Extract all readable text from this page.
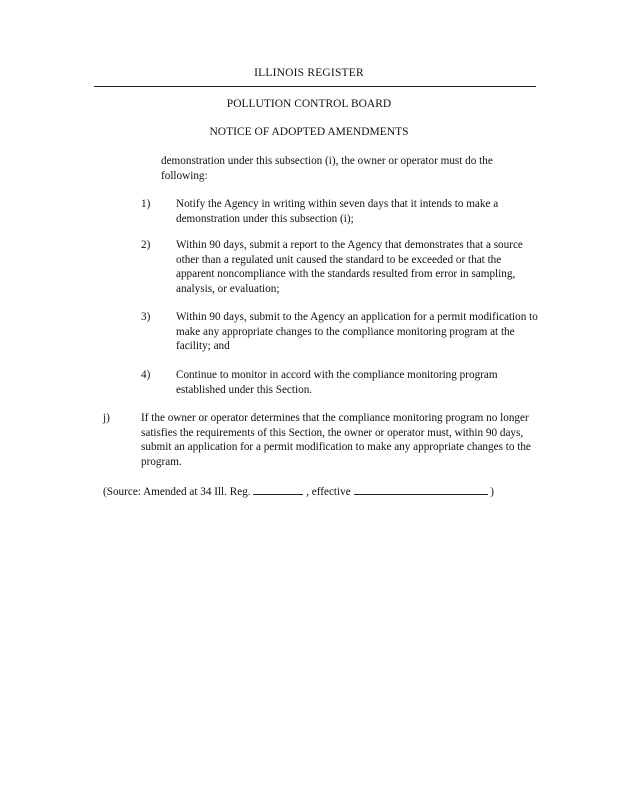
ILLINOIS REGISTER
POLLUTION CONTROL BOARD
NOTICE OF ADOPTED AMENDMENTS

demonstration under this subsection (i), the owner or operator must do the following:

1)	Notify the Agency in writing within seven days that it intends to make a demonstration under this subsection (i);
2)	Within 90 days, submit a report to the Agency that demonstrates that a source other than a regulated unit caused the standard to be exceeded or that the apparent noncompliance with the standards resulted from error in sampling, analysis, or evaluation;
3)	Within 90 days, submit to the Agency an application for a permit modification to make any appropriate changes to the compliance monitoring program at the facility; and
4)	Continue to monitor in accord with the compliance monitoring program established under this Section.
j)	If the owner or operator determines that the compliance monitoring program no longer satisfies the requirements of this Section, the owner or operator must, within 90 days, submit an application for a permit modification to make any appropriate changes to the program.
(Source: Amended at 34 Ill. Reg.	, effective	)
